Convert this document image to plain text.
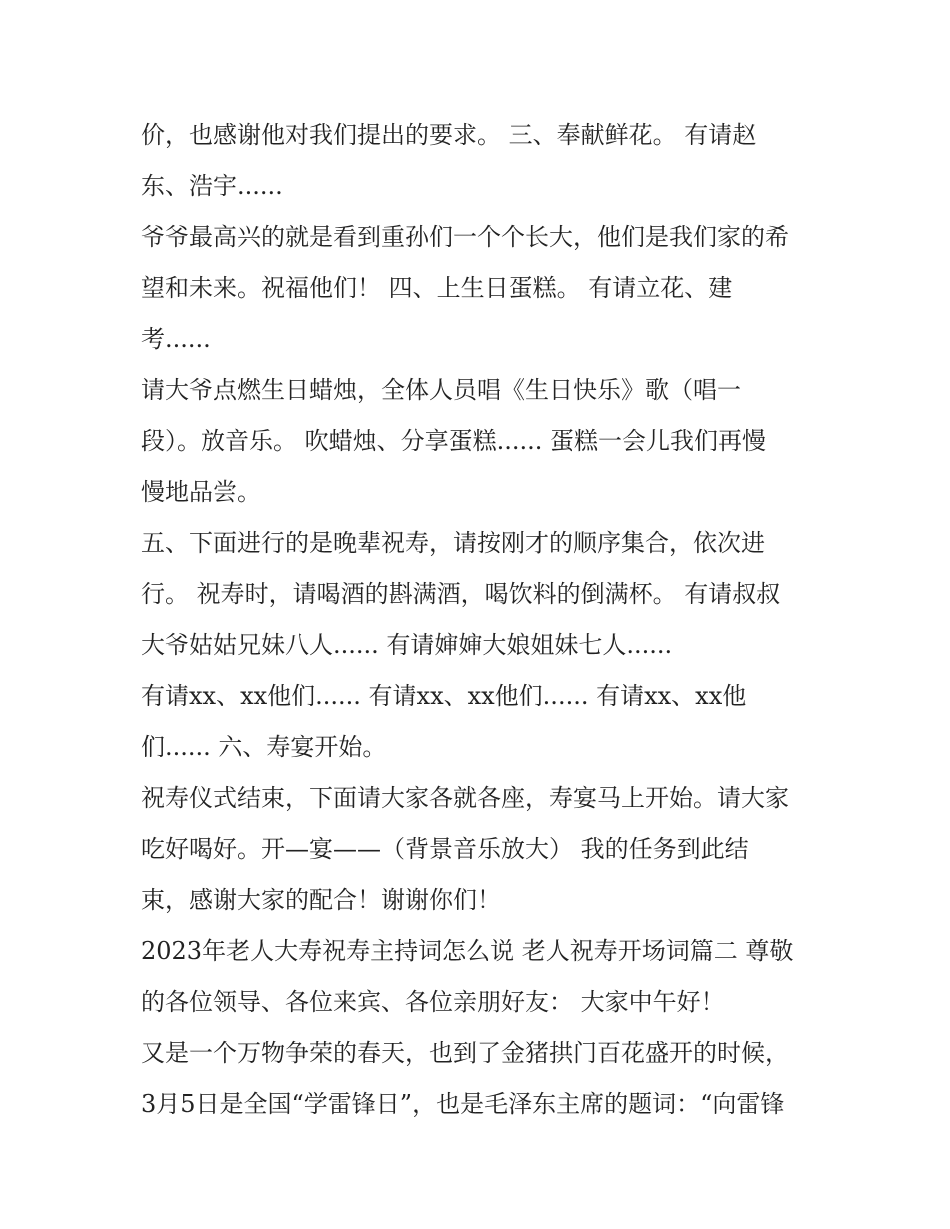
价，也感谢他对我们提出的要求。 三、奉献鲜花。 有请赵
东、浩宇......
爷爷最高兴的就是看到重孙们一个个长大，他们是我们家的希
望和未来。祝福他们！ 四、上生日蛋糕。 有请立花、建
考......
请大爷点燃生日蜡烛，全体人员唱《生日快乐》歌（唱一
段）。放音乐。 吹蜡烛、分享蛋糕...... 蛋糕一会儿我们再慢
慢地品尝。
五、下面进行的是晚辈祝寿，请按刚才的顺序集合，依次进
行。 祝寿时，请喝酒的斟满酒，喝饮料的倒满杯。 有请叔叔
大爷姑姑兄妹八人...... 有请婶婶大娘姐妹七人......
有请xx、xx他们...... 有请xx、xx他们...... 有请xx、xx他
们...... 六、寿宴开始。
祝寿仪式结束，下面请大家各就各座，寿宴马上开始。请大家
吃好喝好。开—宴——（背景音乐放大） 我的任务到此结
束，感谢大家的配合！谢谢你们！
2023年老人大寿祝寿主持词怎么说 老人祝寿开场词篇二 尊敬
的各位领导、各位来宾、各位亲朋好友： 大家中午好！
又是一个万物争荣的春天，也到了金猪拱门百花盛开的时候，
3月5日是全国“学雷锋日”，也是毛泽东主席的题词：“向雷锋
